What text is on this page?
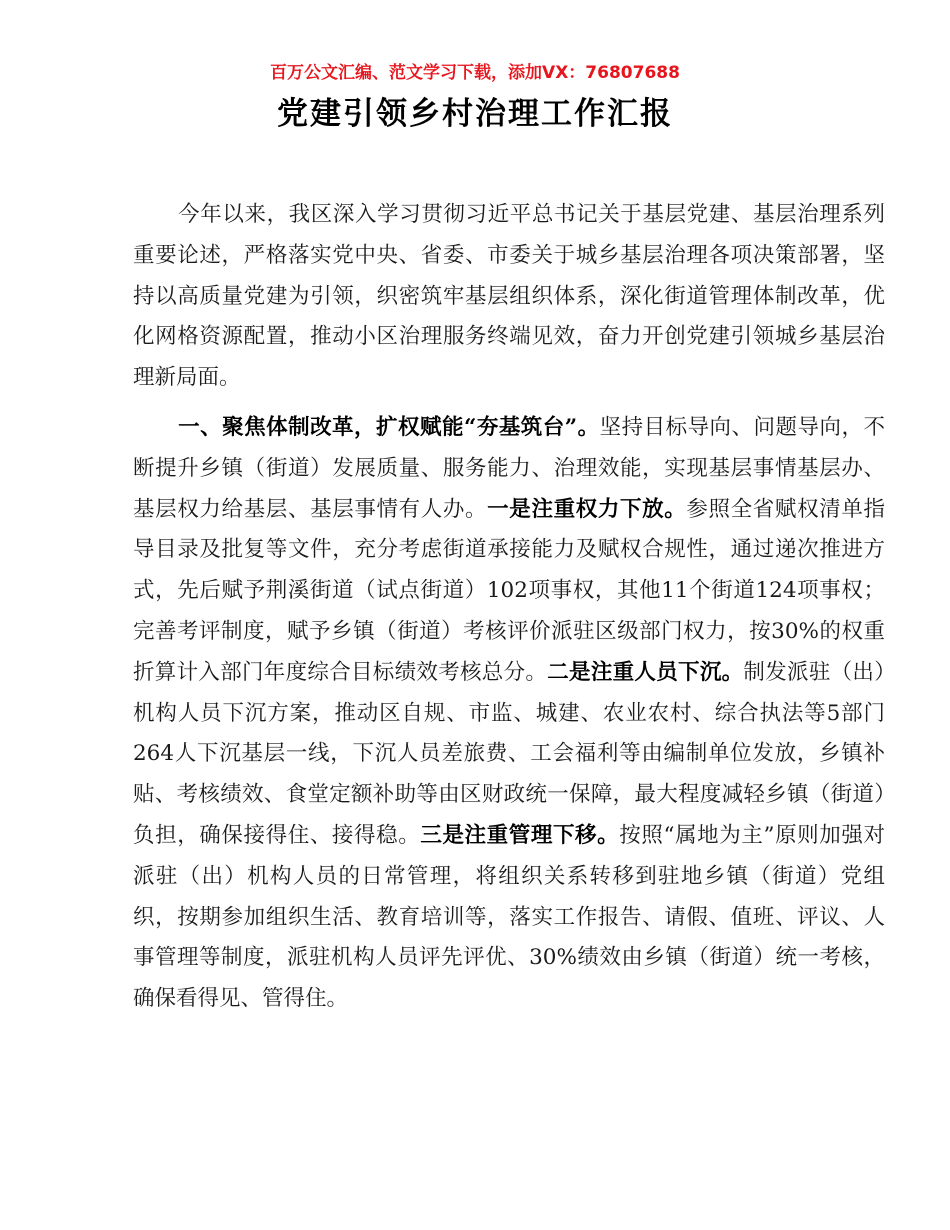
百万公文汇编、范文学习下载，添加VX：76807688
党建引领乡村治理工作汇报

今年以来，我区深入学习贯彻习近平总书记关于基层党建、基层治理系列重要论述，严格落实党中央、省委、市委关于城乡基层治理各项决策部署，坚持以高质量党建为引领，织密筑牢基层组织体系，深化街道管理体制改革，优化网格资源配置，推动小区治理服务终端见效，奋力开创党建引领城乡基层治理新局面。

一、聚焦体制改革，扩权赋能“夯基筑台”。坚持目标导向、问题导向，不断提升乡镇（街道）发展质量、服务能力、治理效能，实现基层事情基层办、基层权力给基层、基层事情有人办。一是注重权力下放。参照全省赋权清单指导目录及批复等文件，充分考虑街道承接能力及赋权合规性，通过递次推进方式，先后赋予荆溪街道（试点街道）102项事权，其他11个街道124项事权；完善考评制度，赋予乡镇（街道）考核评价派驻区级部门权力，按30%的权重折算计入部门年度综合目标绩效考核总分。二是注重人员下沉。制发派驻（出）机构人员下沉方案，推动区自规、市监、城建、农业农村、综合执法等5部门264人下沉基层一线，下沉人员差旅费、工会福利等由编制单位发放，乡镇补贴、考核绩效、食堂定额补助等由区财政统一保障，最大程度减轻乡镇（街道）负担，确保接得住、接得稳。三是注重管理下移。按照“属地为主”原则加强对派驻（出）机构人员的日常管理，将组织关系转移到驻地乡镇（街道）党组织，按期参加组织生活、教育培训等，落实工作报告、请假、值班、评议、人事管理等制度，派驻机构人员评先评优、30%绩效由乡镇（街道）统一考核，确保看得见、管得住。
